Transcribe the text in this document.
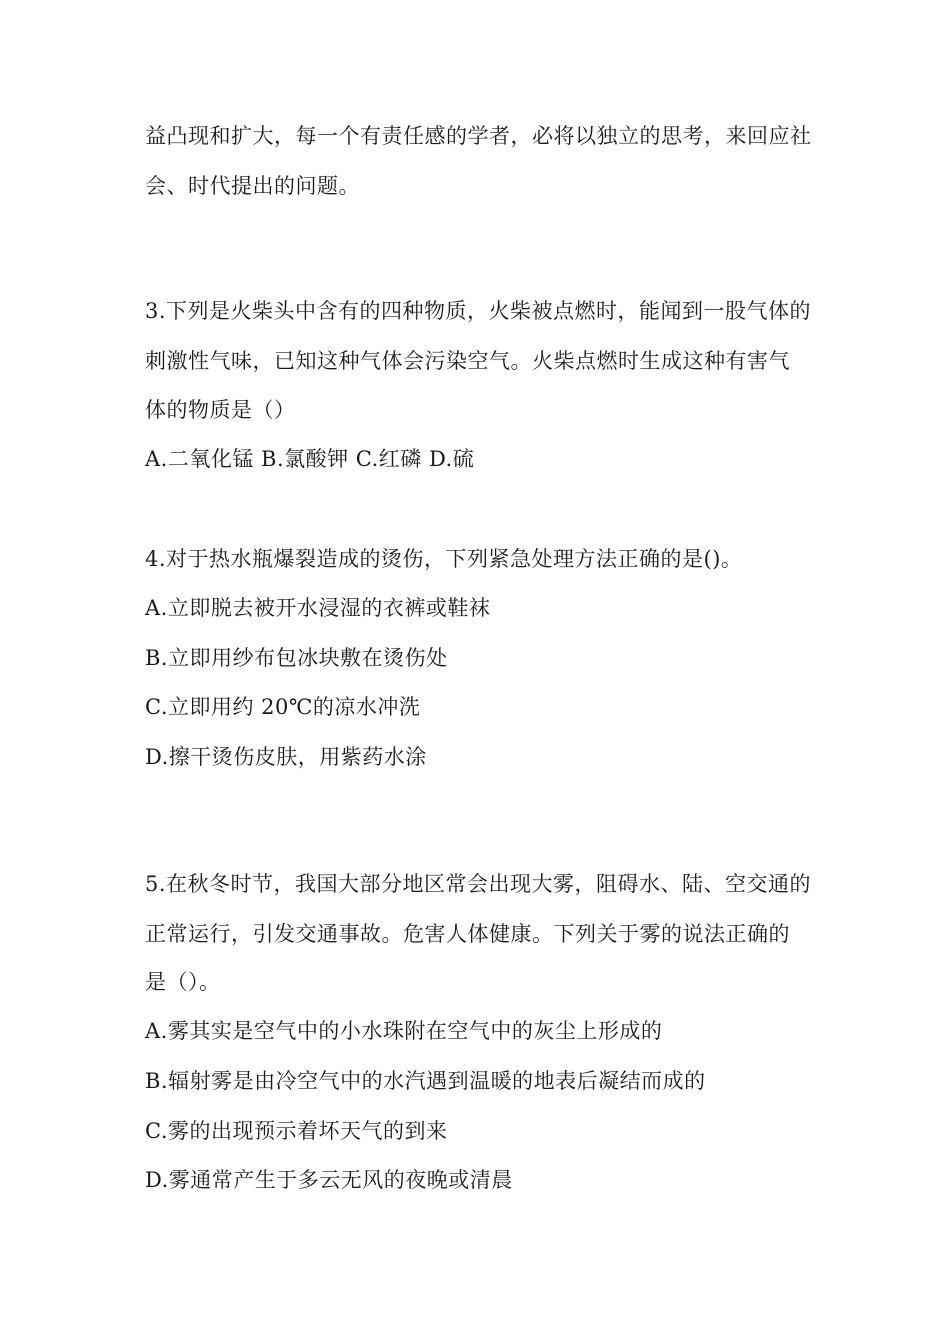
益凸现和扩大，每一个有责任感的学者，必将以独立的思考，来回应社
会、时代提出的问题。
3.下列是火柴头中含有的四种物质，火柴被点燃时，能闻到一股气体的
刺激性气味，已知这种气体会污染空气。火柴点燃时生成这种有害气
体的物质是（）
A.二氧化锰 B.氯酸钾 C.红磷 D.硫
4.对于热水瓶爆裂造成的烫伤，下列紧急处理方法正确的是()。
A.立即脱去被开水浸湿的衣裤或鞋袜
B.立即用纱布包冰块敷在烫伤处
C.立即用约 20℃的凉水冲洗
D.擦干烫伤皮肤，用紫药水涂
5.在秋冬时节，我国大部分地区常会出现大雾，阻碍水、陆、空交通的
正常运行，引发交通事故。危害人体健康。下列关于雾的说法正确的
是（）。
A.雾其实是空气中的小水珠附在空气中的灰尘上形成的
B.辐射雾是由冷空气中的水汽遇到温暖的地表后凝结而成的
C.雾的出现预示着坏天气的到来
D.雾通常产生于多云无风的夜晚或清晨
